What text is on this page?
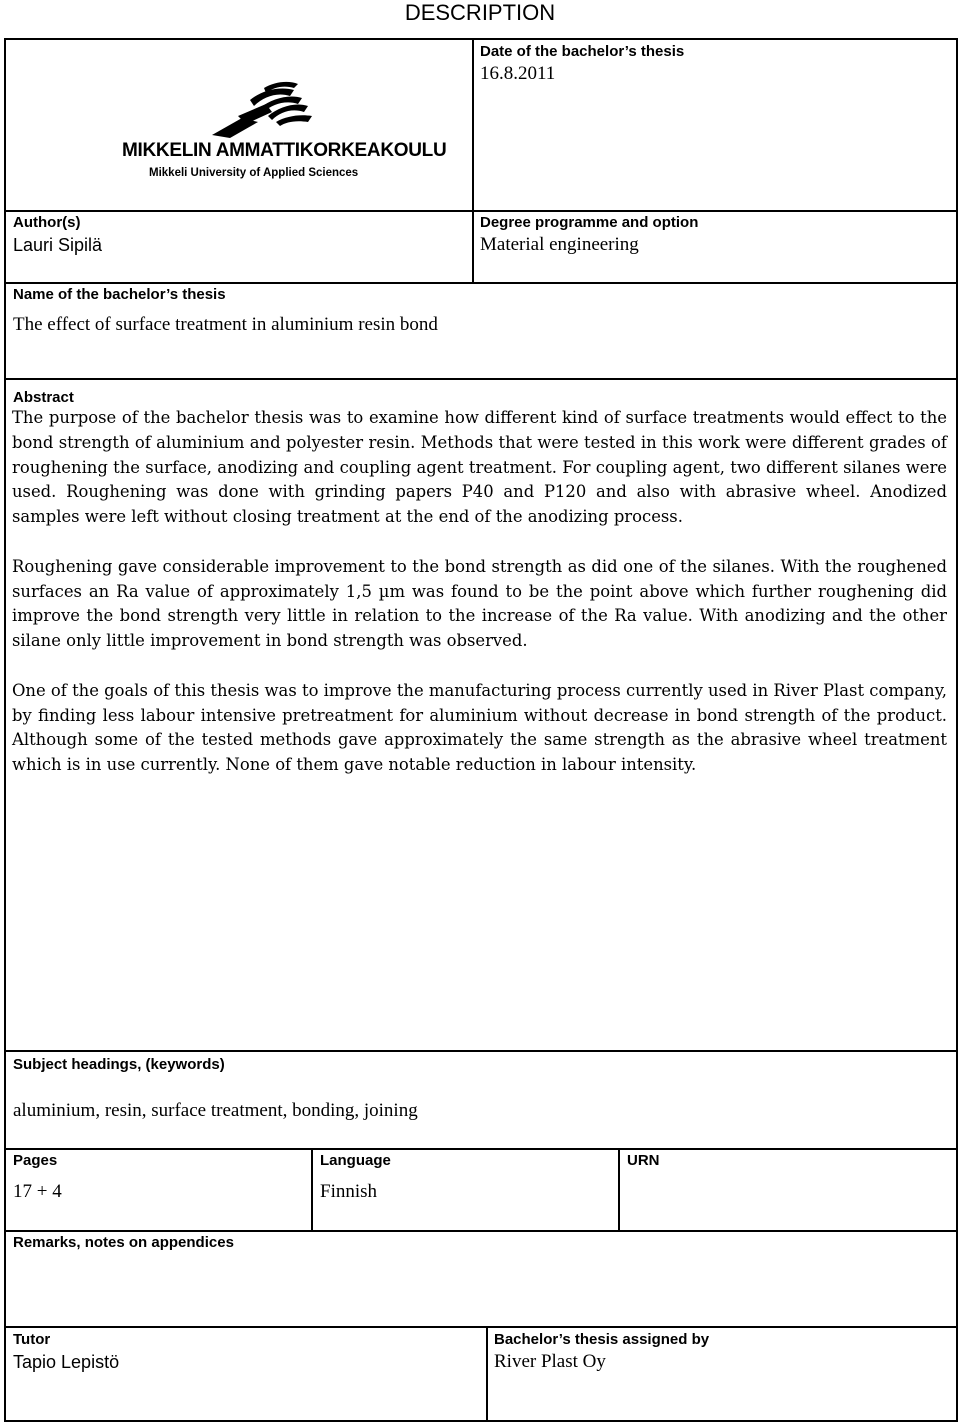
DESCRIPTION
MIKKELIN AMMATTIKORKEAKOULU
Mikkeli University of Applied Sciences
Date of the bachelor’s thesis
16.8.2011
Author(s)
Lauri Sipilä
Degree programme and option
Material engineering
Name of the bachelor’s thesis
The effect of surface treatment in aluminium resin bond
Abstract

The purpose of the bachelor thesis was to examine how different kind of surface treatments would effect to the bond strength of aluminium and polyester resin. Methods that were tested in this work were different grades of roughening the surface, anodizing and coupling agent treatment. For coupling agent, two different silanes were used. Roughening was done with grinding papers P40 and P120 and also with abrasive wheel. Anodized samples were left without closing treatment at the end of the anodizing process.

Roughening gave considerable improvement to the bond strength as did one of the silanes. With the roughened surfaces an Ra value of approximately 1,5 µm was found to be the point above which further roughening did improve the bond strength very little in relation to the increase of the Ra value. With anodizing and the other silane only little improvement in bond strength was observed.

One of the goals of this thesis was to improve the manufacturing process currently used in River Plast company, by finding less labour intensive pretreatment for aluminium without decrease in bond strength of the product. Although some of the tested methods gave approximately the same strength as the abrasive wheel treatment which is in use currently. None of them gave notable reduction in labour intensity.

Subject headings, (keywords)
aluminium, resin, surface treatment, bonding, joining
Pages
17 + 4
Language
Finnish
URN
Remarks, notes on appendices
Tutor
Tapio Lepistö
Bachelor’s thesis assigned by
River Plast Oy
